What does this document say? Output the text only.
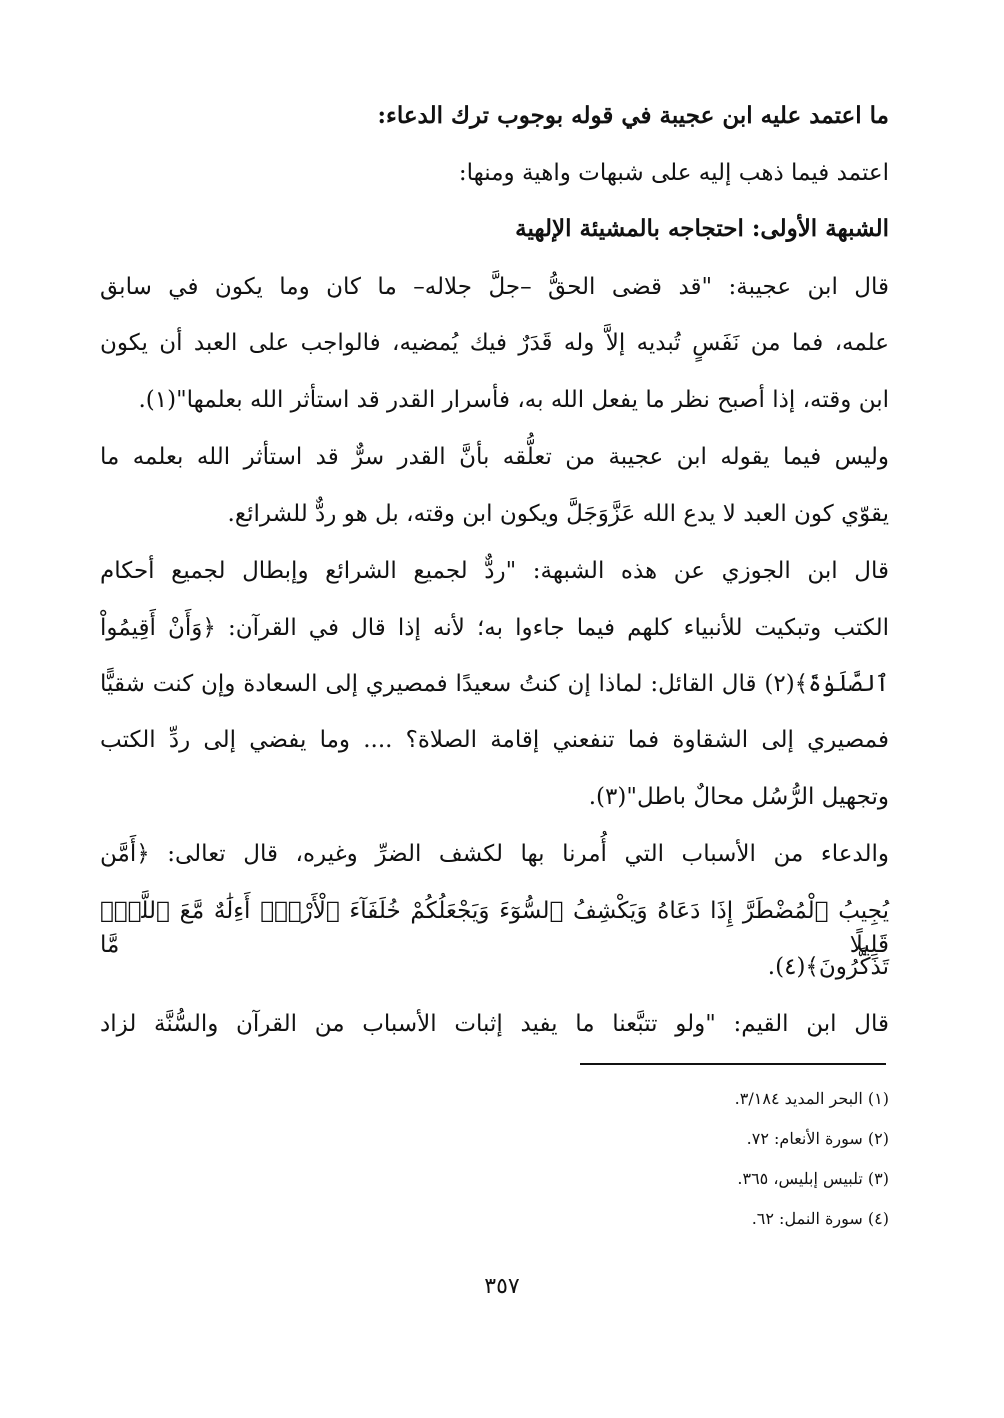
ما اعتمد عليه ابن عجيبة في قوله بوجوب ترك الدعاء:
اعتمد فيما ذهب إليه على شبهات واهية ومنها:
الشبهة الأولى: احتجاجه بالمشيئة الإلهية
قال ابن عجيبة: "قد قضى الحقُّ –جلَّ جلاله– ما كان وما يكون في سابق
علمه، فما من نَفَسٍ تُبديه إلاَّ وله قَدَرٌ فيك يُمضيه، فالواجب على العبد أن يكون
ابن وقته، إذا أصبح نظر ما يفعل الله به، فأسرار القدر قد استأثر الله بعلمها"(١).
وليس فيما يقوله ابن عجيبة من تعلُّقه بأنَّ القدر سرٌّ قد استأثر الله بعلمه ما
يقوّي كون العبد لا يدع الله عَزَّوَجَلَّ ويكون ابن وقته، بل هو ردٌّ للشرائع.
قال ابن الجوزي عن هذه الشبهة: "ردٌّ لجميع الشرائع وإبطال لجميع أحكام
الكتب وتبكيت للأنبياء كلهم فيما جاءوا به؛ لأنه إذا قال في القرآن: ﴿وَأَنْ أَقِيمُواْ
ٱلصَّلَوٰةَ﴾(٢) قال القائل: لماذا إن كنتُ سعيدًا فمصيري إلى السعادة وإن كنت شقيًّا
فمصيري إلى الشقاوة فما تنفعني إقامة الصلاة؟ .... وما يفضي إلى ردِّ الكتب
وتجهيل الرُّسُل محالٌ باطل"(٣).
والدعاء من الأسباب التي أُمرنا بها لكشف الضرِّ وغيره، قال تعالى: ﴿أَمَّن
يُجِيبُ ٱلْمُضْطَرَّ إِذَا دَعَاهُ وَيَكْشِفُ ٱلسُّوٓءَ وَيَجْعَلُكُمْ خُلَفَآءَ ٱلْأَرْضِۗ أَءِلَٰهٌ مَّعَ ٱللَّهِۚ قَلِيلًا مَّا
تَذَكَّرُونَ﴾(٤).
قال ابن القيم: "ولو تتبَّعنا ما يفيد إثبات الأسباب من القرآن والسُّنَّة لزاد
(١) البحر المديد ٣/١٨٤.
(٢) سورة الأنعام: ٧٢.
(٣) تلبيس إبليس، ٣٦٥.
(٤) سورة النمل: ٦٢.
٣٥٧
